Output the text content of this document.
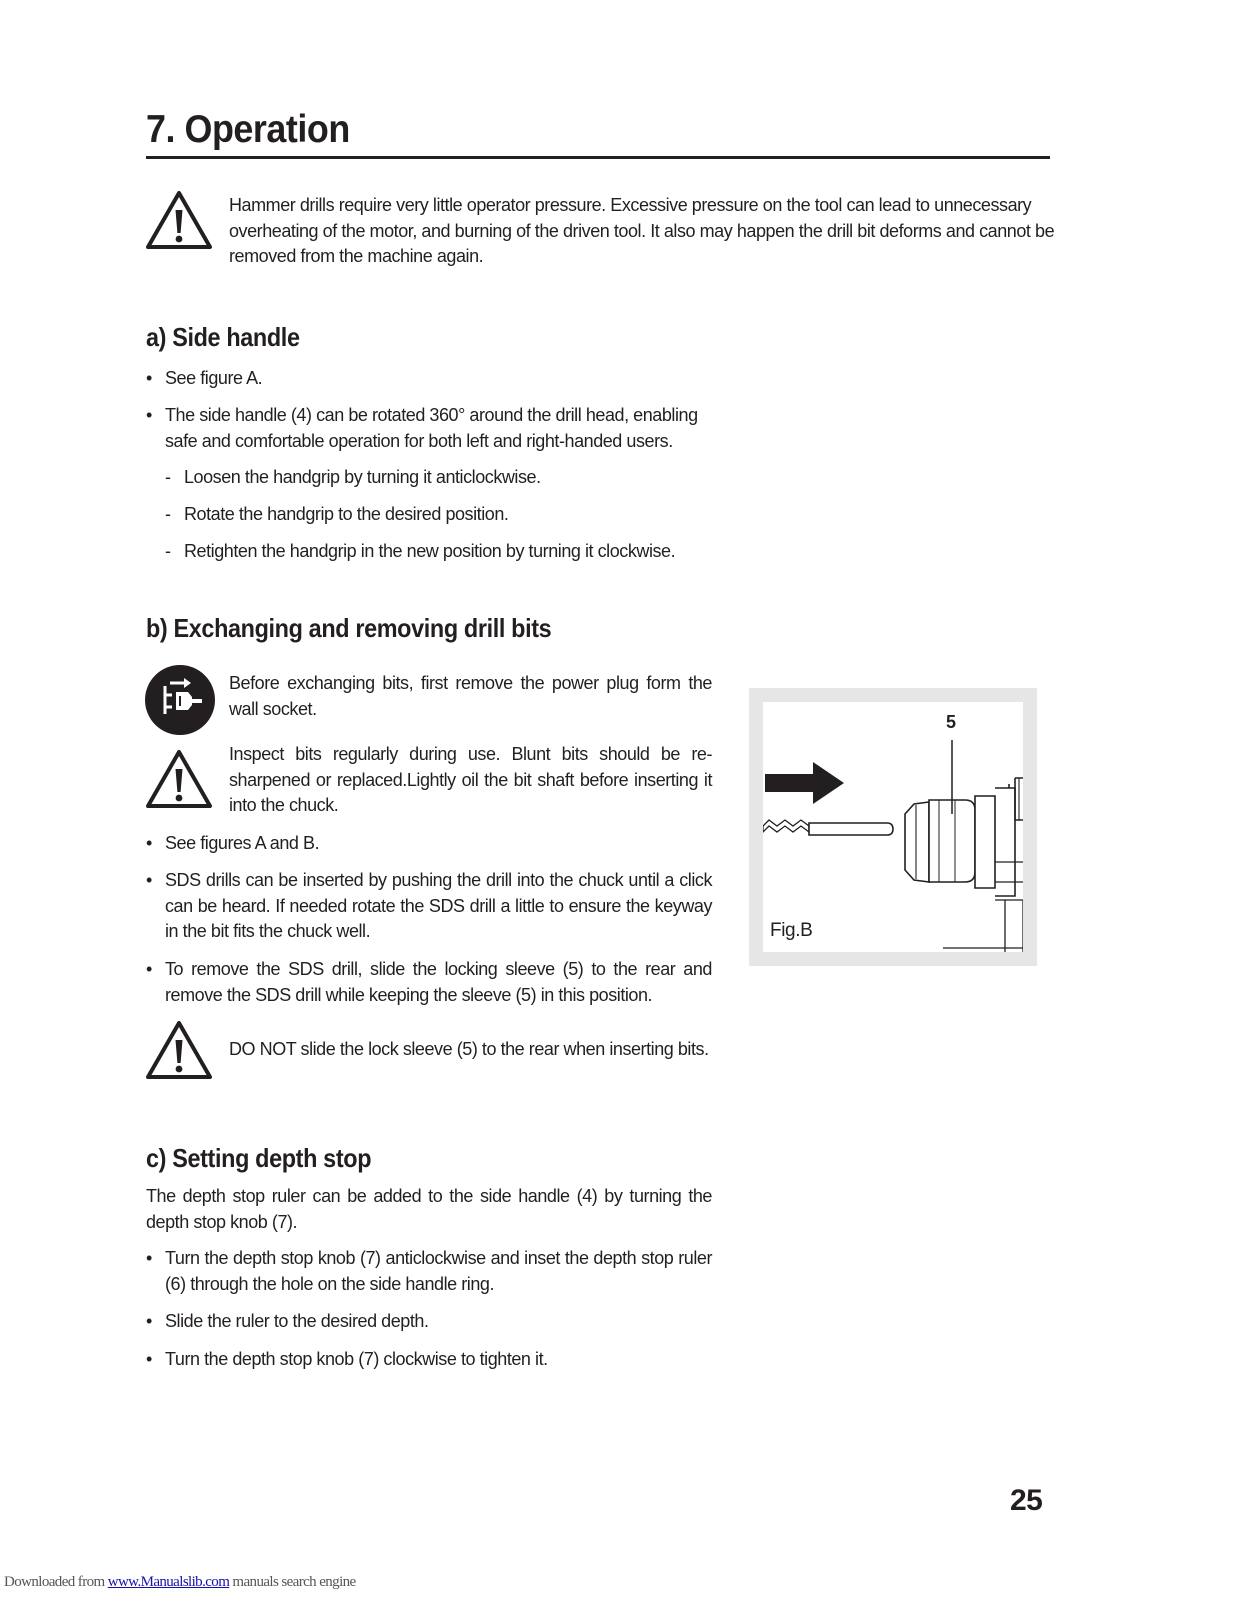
7. Operation

Hammer drills require very little operator pressure. Excessive pressure on the tool can lead to unnecessary overheating of the motor, and burning of the driven tool. It also may happen the drill bit deforms and cannot be removed from the machine again.

a) Side handle
• See figure A.
• The side handle (4) can be rotated 360° around the drill head, enabling safe and comfortable operation for both left and right-handed users.
- Loosen the handgrip by turning it anticlockwise.
- Rotate the handgrip to the desired position.
- Retighten the handgrip in the new position by turning it clockwise.
b) Exchanging and removing drill bits

Before exchanging bits, first remove the power plug form the wall socket.

Inspect bits regularly during use. Blunt bits should be re-sharpened or replaced.Lightly oil the bit shaft before inserting it into the chuck.

• See figures A and B.
• SDS drills can be inserted by pushing the drill into the chuck until a click can be heard. If needed rotate the SDS drill a little to ensure the keyway in the bit fits the chuck well.
• To remove the SDS drill, slide the locking sleeve (5) to the rear and remove the SDS drill while keeping the sleeve (5) in this position.

DO NOT slide the lock sleeve (5) to the rear when inserting bits.

5
Fig.B
c) Setting depth stop

The depth stop ruler can be added to the side handle (4) by turning the depth stop knob (7).

• Turn the depth stop knob (7) anticlockwise and inset the depth stop ruler (6) through the hole on the side handle ring.
• Slide the ruler to the desired depth.
• Turn the depth stop knob (7) clockwise to tighten it.

25

Downloaded from www.Manualslib.com manuals search engine
